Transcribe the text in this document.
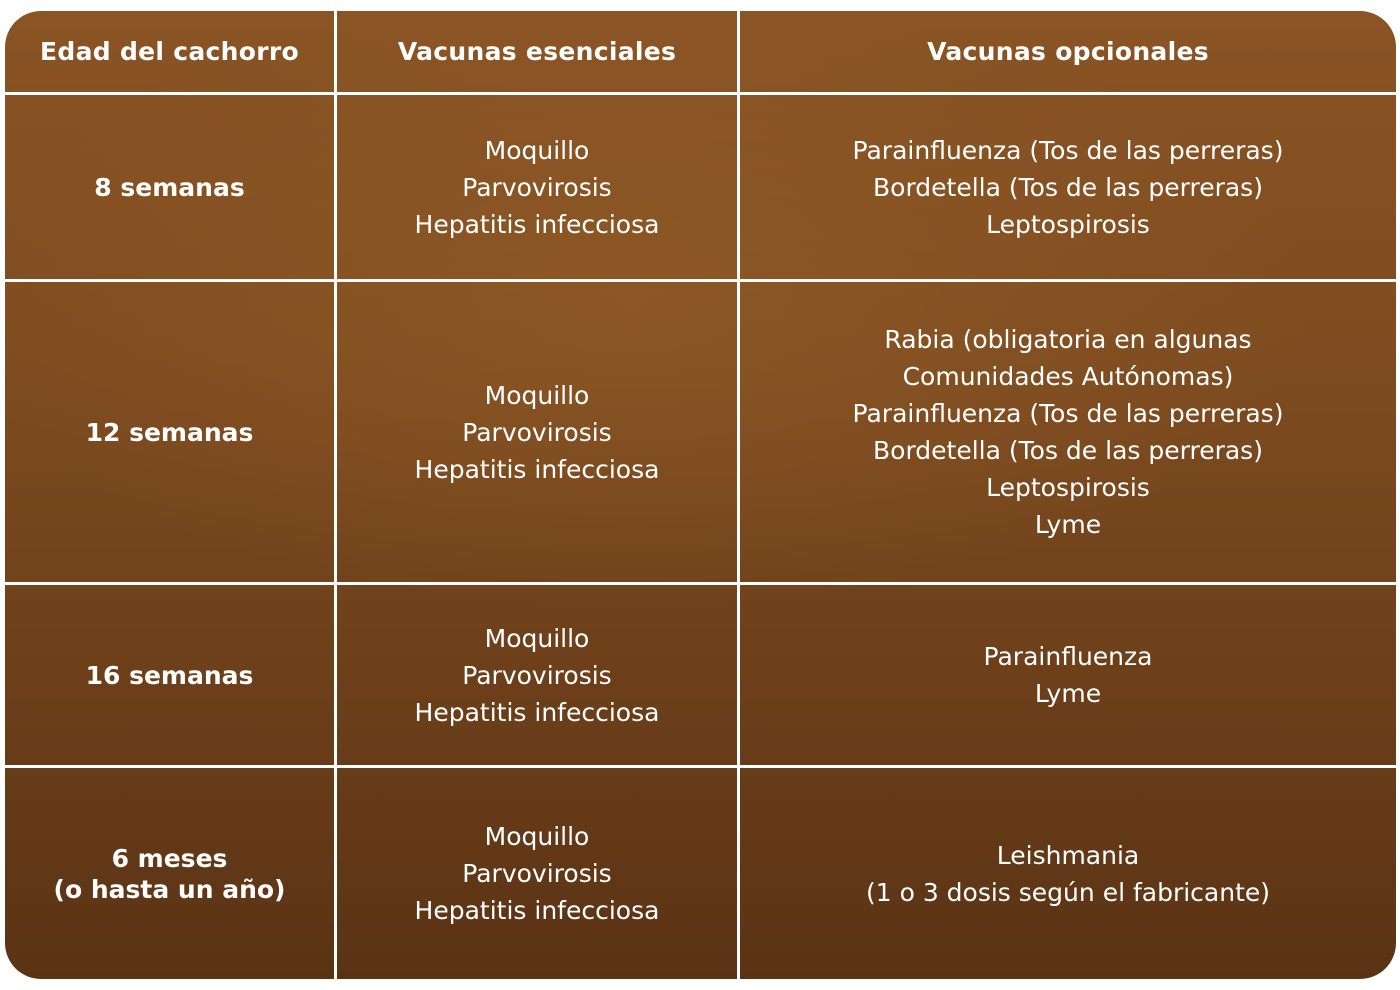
Edad del cachorro	Vacunas esenciales	Vacunas opcionales
8 semanas
Moquillo
Parvovirosis
Hepatitis infecciosa
Parainfluenza (Tos de las perreras)
Bordetella (Tos de las perreras)
Leptospirosis
12 semanas
Moquillo
Parvovirosis
Hepatitis infecciosa
Rabia (obligatoria en algunas
Comunidades Autónomas)
Parainfluenza (Tos de las perreras)
Bordetella (Tos de las perreras)
Leptospirosis
Lyme
16 semanas
Moquillo
Parvovirosis
Hepatitis infecciosa
Parainfluenza
Lyme
6 meses
(o hasta un año)
Moquillo
Parvovirosis
Hepatitis infecciosa
Leishmania
(1 o 3 dosis según el fabricante)
